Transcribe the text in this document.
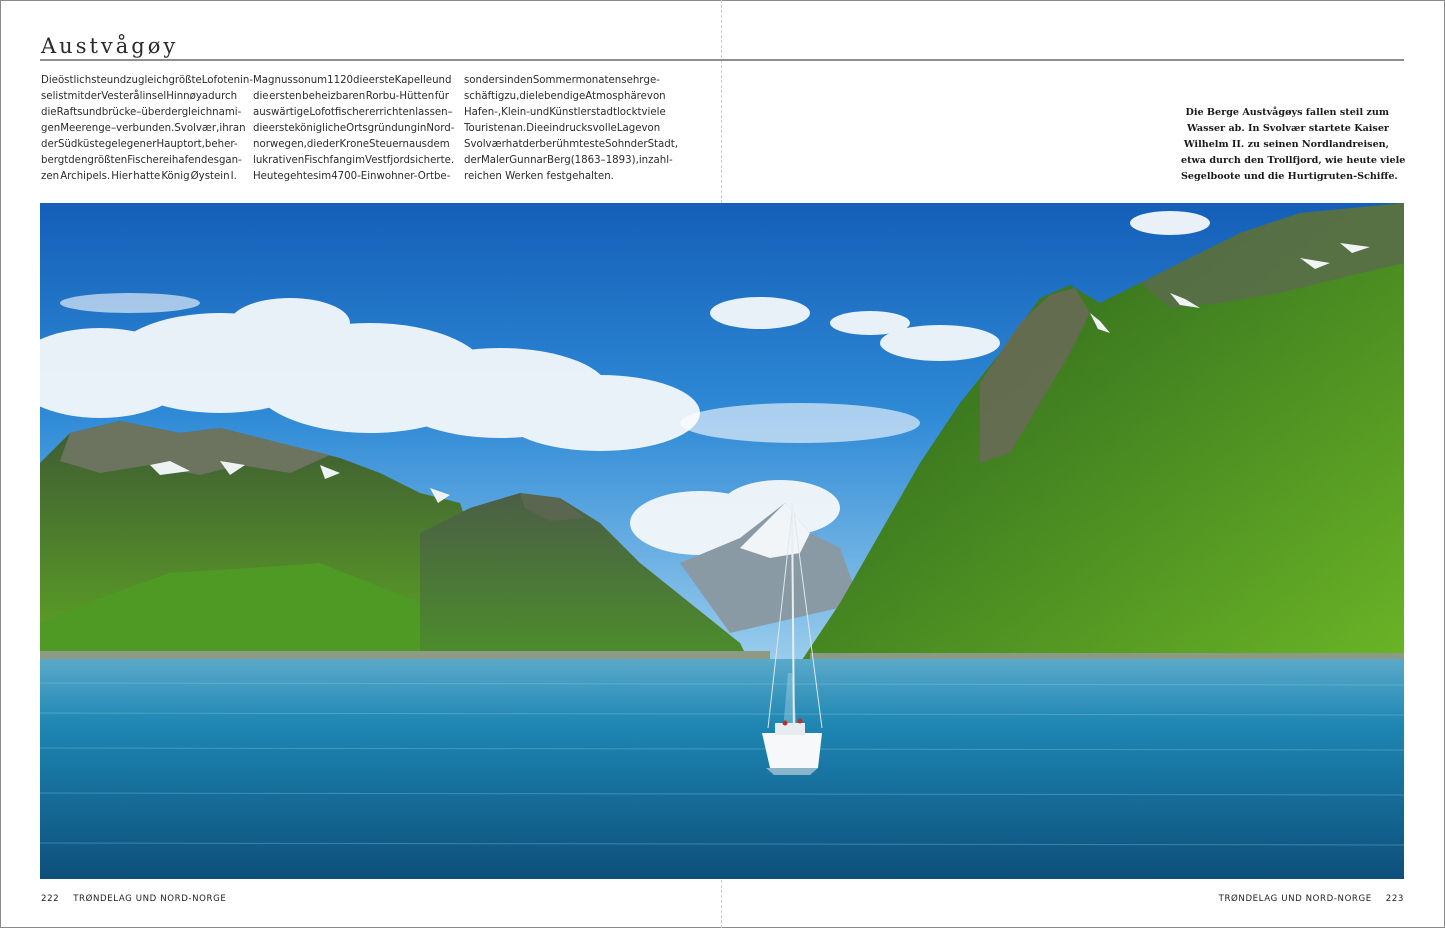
Austvågøy
Die östlichste und zugleich größte Lofotenin-
sel ist mit der Vesterålinsel Hinnøya durch
die Raftsundbrücke – über der gleichnami-
gen Meerenge – verbunden. Svolvær, ihr an
der Südküste gelegener Hauptort, beher-
bergt den größten Fischereihafen des gan-
zen Archipels. Hier hatte König Øystein I.
Magnusson um 1120 die erste Kapelle und
die ersten beheizbaren Rorbu-Hütten für
auswärtige Lofotfischer errichten lassen –
die erste königliche Ortsgründung in Nord-
norwegen, die der Krone Steuern aus dem
lukrativen Fischfang im Vestfjord sicherte.
Heute geht es im 4700-Einwohner-Ort be-
sonders in den Sommermonaten sehr ge-
schäftig zu, die lebendige Atmosphäre von
Hafen-, Klein- und Künstlerstadt lockt viele
Touristen an. Die eindrucksvolle Lage von
Svolvær hat der berühmteste Sohn der Stadt,
der Maler Gunnar Berg (1863–1893), in zahl-
reichen Werken festgehalten.
Die Berge Austvågøys fallen steil zum
Wasser ab. In Svolvær startete Kaiser
Wilhelm II. zu seinen Nordlandreisen,
etwa durch den Trollfjord, wie heute viele
Segelboote und die Hurtigruten-Schiffe.
222 TRØNDELAG UND NORD-NORGE	TRØNDELAG UND NORD-NORGE 223
